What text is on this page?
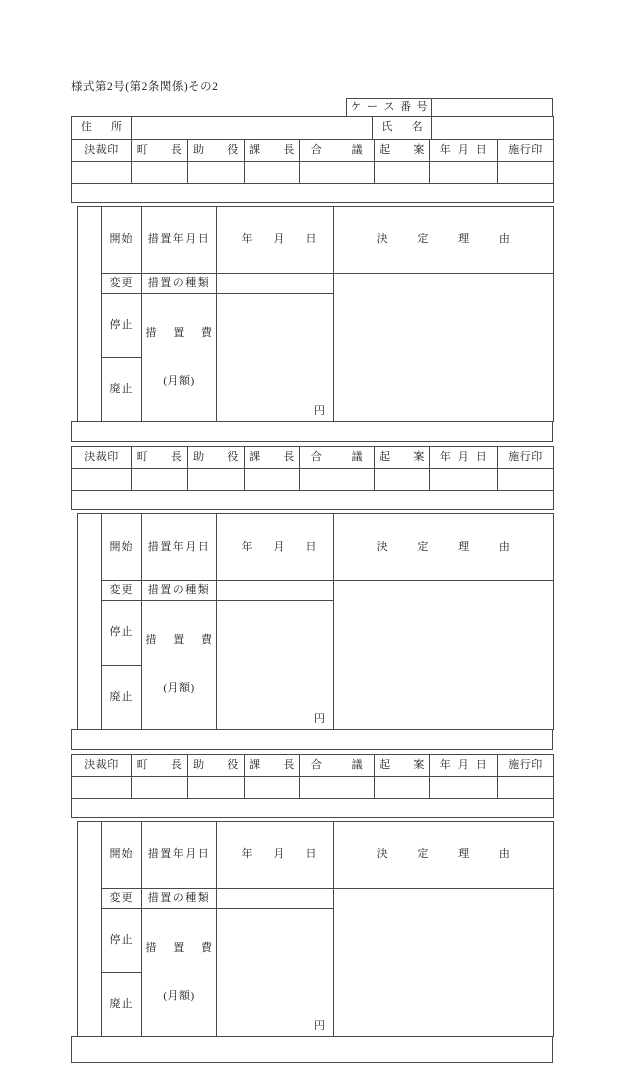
様式第2号(第2条関係)その2
ケ  ー  ス  番  号	
住       所		氏       名	
決裁印	町       長	助       役	課       長	合         議	起       案	年  月  日	施行印

	開始	措置年月日	年 月 日	決         定         理         由
	変更	措置の種類		
	停止	措     置     費

(月額)	円	

	廃止			
決裁印	町       長	助       役	課       長	合         議	起       案	年  月  日	施行印

	開始	措置年月日	年 月 日	決         定         理         由
	変更	措置の種類		
	停止	措     置     費

(月額)	円	

	廃止			
決裁印	町       長	助       役	課       長	合         議	起       案	年  月  日	施行印

	開始	措置年月日	年 月 日	決         定         理         由
	変更	措置の種類		
	停止	措     置     費

(月額)	円	

	廃止			
